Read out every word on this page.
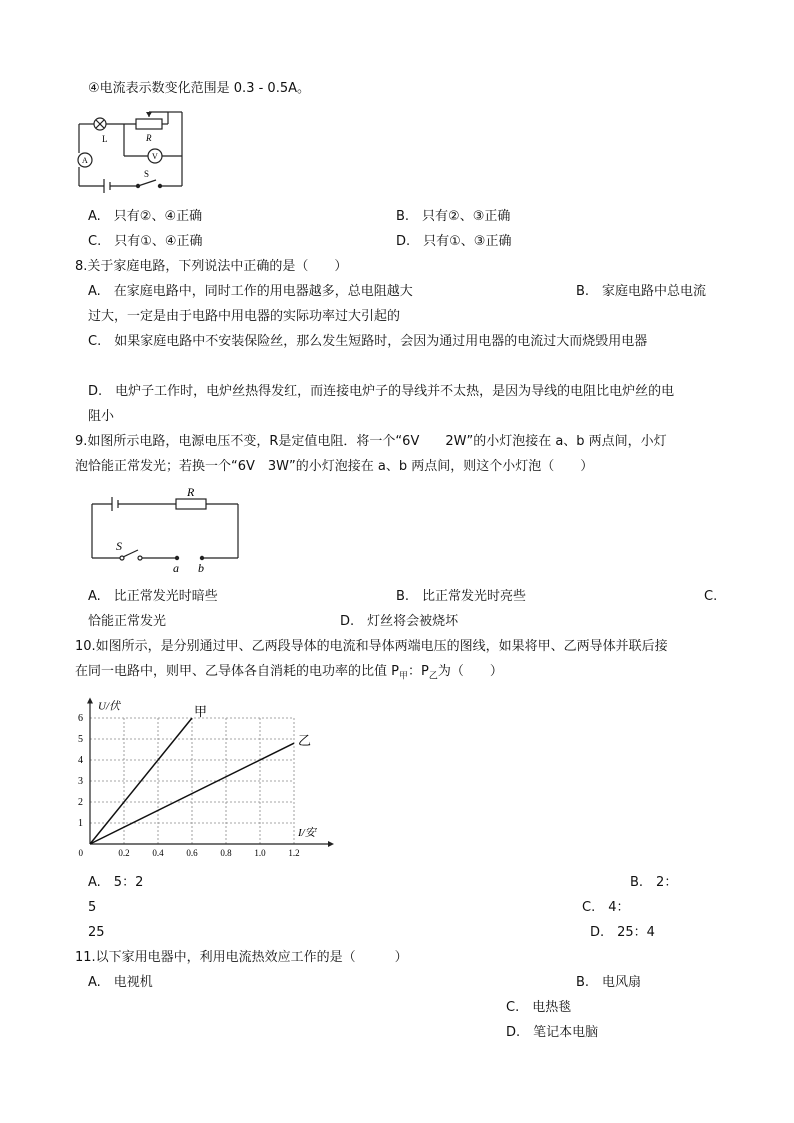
④电流表示数变化范围是 0.3 - 0.5A。
R
L
A	V
S
A.　只有②、④正确	B.　只有②、③正确
C.　只有①、④正确	D.　只有①、③正确
8.关于家庭电路，下列说法中正确的是（　　）
A.　在家庭电路中，同时工作的用电器越多，总电阻越大	B.　家庭电路中总电流
过大，一定是由于电路中用电器的实际功率过大引起的
C.　如果家庭电路中不安装保险丝，那么发生短路时，会因为通过用电器的电流过大而烧毁用电器
D.　电炉子工作时，电炉丝热得发红，而连接电炉子的导线并不太热，是因为导线的电阻比电炉丝的电
阻小
9.如图所示电路，电源电压不变，R是定值电阻．将一个“6V　　2W”的小灯泡接在 a、b 两点间，小灯
泡恰能正常发光；若换一个“6V　3W”的小灯泡接在 a、b 两点间，则这个小灯泡（　　）
R
S
a b
A.　比正常发光时暗些	B.　比正常发光时亮些	C.
恰能正常发光	D.　灯丝将会被烧坏
10.如图所示，是分别通过甲、乙两段导体的电流和导体两端电压的图线，如果将甲、乙两导体并联后接
在同一电路中，则甲、乙导体各自消耗的电功率的比值 $P_甲$：$P_乙$为（　　）
0.2	0.4	0.6	0.8	1.0	1.2
1
2
3
4
5
6
0
U/伏
I/安
甲
乙
A.　5：2	B.　2：
5	C.　4：
25	D.　25：4
11.以下家用电器中，利用电流热效应工作的是（　　　）
A.　电视机	B.　电风扇
C.　电热毯
D.　笔记本电脑
